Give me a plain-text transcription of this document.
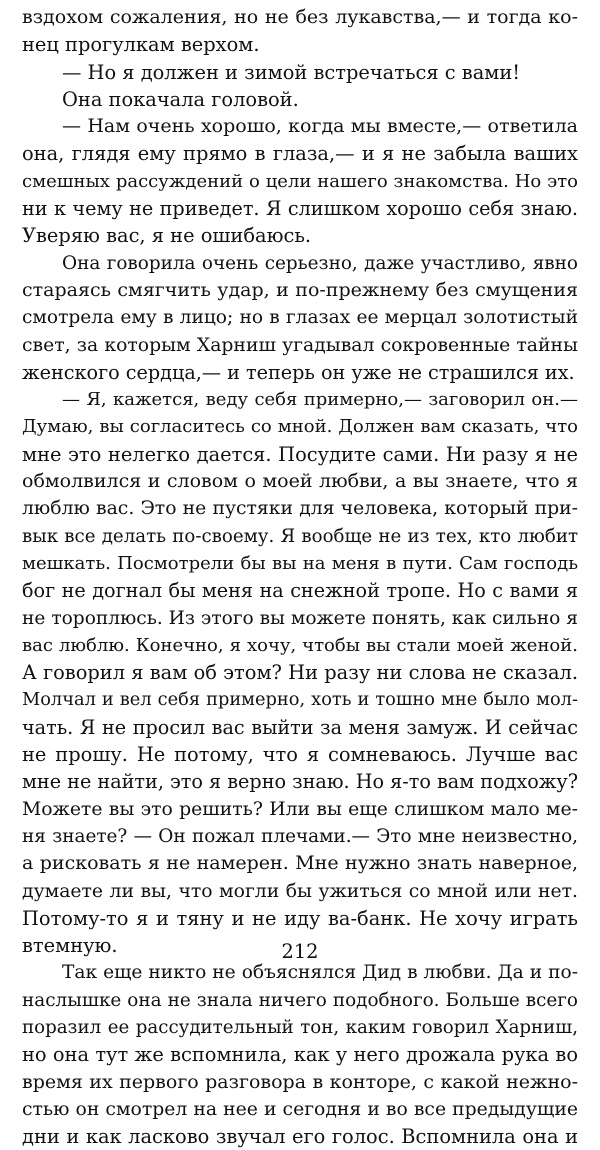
вздохом сожаления, но не без лукавства,— и тогда ко-
нец прогулкам верхом.
— Но я должен и зимой встречаться с вами!
Она покачала головой.
— Нам очень хорошо, когда мы вместе,— ответила
она, глядя ему прямо в глаза,— и я не забыла ваших
смешных рассуждений о цели нашего знакомства. Но это
ни к чему не приведет. Я слишком хорошо себя знаю.
Уверяю вас, я не ошибаюсь.
Она говорила очень серьезно, даже участливо, явно
стараясь смягчить удар, и по-прежнему без смущения
смотрела ему в лицо; но в глазах ее мерцал золотистый
свет, за которым Харниш угадывал сокровенные тайны
женского сердца,— и теперь он уже не страшился их.
— Я, кажется, веду себя примерно,— заговорил он.—
Думаю, вы согласитесь со мной. Должен вам сказать, что
мне это нелегко дается. Посудите сами. Ни разу я не
обмолвился и словом о моей любви, а вы знаете, что я
люблю вас. Это не пустяки для человека, который при-
вык все делать по-своему. Я вообще не из тех, кто любит
мешкать. Посмотрели бы вы на меня в пути. Сам господь
бог не догнал бы меня на снежной тропе. Но с вами я
не тороплюсь. Из этого вы можете понять, как сильно я
вас люблю. Конечно, я хочу, чтобы вы стали моей женой.
А говорил я вам об этом? Ни разу ни слова не сказал.
Молчал и вел себя примерно, хоть и тошно мне было мол-
чать. Я не просил вас выйти за меня замуж. И сейчас
не прошу. Не потому, что я сомневаюсь. Лучше вас
мне не найти, это я верно знаю. Но я-то вам подхожу?
Можете вы это решить? Или вы еще слишком мало ме-
ня знаете? — Он пожал плечами.— Это мне неизвестно,
а рисковать я не намерен. Мне нужно знать наверное,
думаете ли вы, что могли бы ужиться со мной или нет.
Потому-то я и тяну и не иду ва-банк. Не хочу играть
втемную.
Так еще никто не объяснялся Дид в любви. Да и по-
наслышке она не знала ничего подобного. Больше всего
поразил ее рассудительный тон, каким говорил Харниш,
но она тут же вспомнила, как у него дрожала рука во
время их первого разговора в конторе, с какой нежно-
стью он смотрел на нее и сегодня и во все предыдущие
дни и как ласково звучал его голос. Вспомнила она и
212
